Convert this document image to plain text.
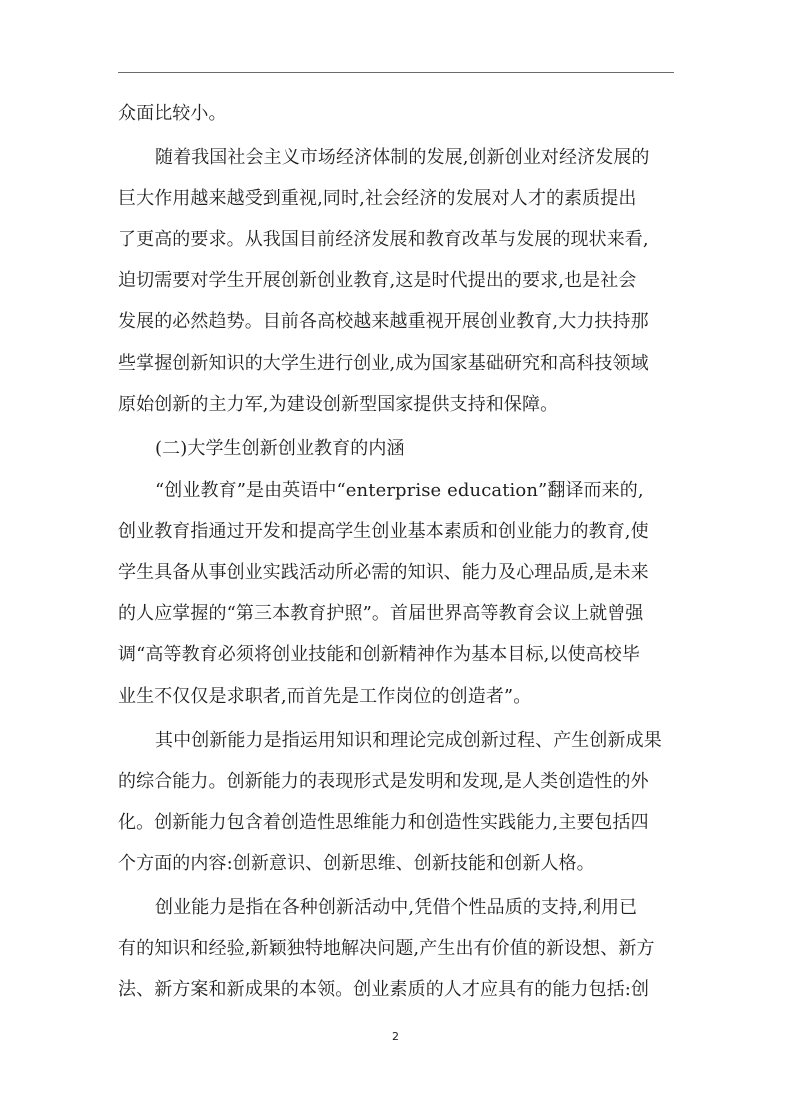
众面比较小。
随着我国社会主义市场经济体制的发展,创新创业对经济发展的
巨大作用越来越受到重视,同时,社会经济的发展对人才的素质提出
了更高的要求。从我国目前经济发展和教育改革与发展的现状来看,
迫切需要对学生开展创新创业教育,这是时代提出的要求,也是社会
发展的必然趋势。目前各高校越来越重视开展创业教育,大力扶持那
些掌握创新知识的大学生进行创业,成为国家基础研究和高科技领域
原始创新的主力军,为建设创新型国家提供支持和保障。
(二)大学生创新创业教育的内涵
“创业教育”是由英语中“enterprise education”翻译而来的,
创业教育指通过开发和提高学生创业基本素质和创业能力的教育,使
学生具备从事创业实践活动所必需的知识、能力及心理品质,是未来
的人应掌握的“第三本教育护照”。首届世界高等教育会议上就曾强
调“高等教育必须将创业技能和创新精神作为基本目标,以使高校毕
业生不仅仅是求职者,而首先是工作岗位的创造者”。
其中创新能力是指运用知识和理论完成创新过程、产生创新成果
的综合能力。创新能力的表现形式是发明和发现,是人类创造性的外
化。创新能力包含着创造性思维能力和创造性实践能力,主要包括四
个方面的内容:创新意识、创新思维、创新技能和创新人格。
创业能力是指在各种创新活动中,凭借个性品质的支持,利用已
有的知识和经验,新颖独特地解决问题,产生出有价值的新设想、新方
法、新方案和新成果的本领。创业素质的人才应具有的能力包括:创
2
